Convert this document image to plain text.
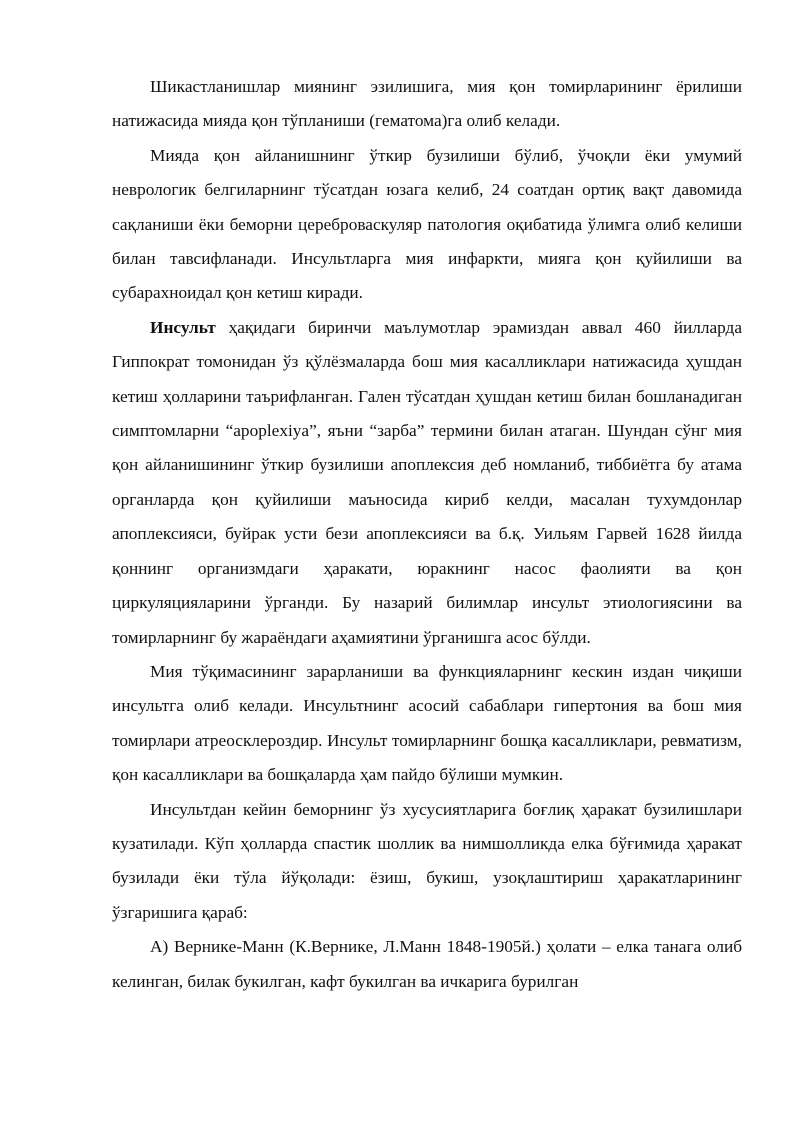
Шикастланишлар миянинг эзилишига, мия қон томирларининг ёрилиши натижасида мияда қон тўпланиши (гематома)га олиб келади.

Мияда қон айланишнинг ўткир бузилиши бўлиб, ўчоқли ёки умумий неврологик белгиларнинг тўсатдан юзага келиб, 24 соатдан ортиқ вақт давомида сақланиши ёки беморни цереброваскуляр патология оқибатида ўлимга олиб келиши билан тавсифланади. Инсультларга мия инфаркти, мияга қон қуйилиши ва субарахноидал қон кетиш киради.

Инсульт ҳақидаги биринчи маълумотлар эрамиздан аввал 460 йилларда Гиппократ томонидан ўз қўлёзмаларда бош мия касалликлари натижасида ҳушдан кетиш ҳолларини таърифланган. Гален тўсатдан ҳушдан кетиш билан бошланадиган симптомларни “apoplexiya”, яъни “зарба” термини билан атаган. Шундан сўнг мия қон айланишининг ўткир бузилиши апоплексия деб номланиб, тиббиётга бу атама органларда қон қуйилиши маъносида кириб келди, масалан тухумдонлар апоплексияси, буйрак усти бези апоплексияси ва б.қ. Уильям Гарвей 1628 йилда қоннинг организмдаги ҳаракати, юракнинг насос фаолияти ва қон циркуляцияларини ўрганди. Бу назарий билимлар инсульт этиологиясини ва томирларнинг бу жараёндаги аҳамиятини ўрганишга асос бўлди.

Мия тўқимасининг зарарланиши ва функцияларнинг кескин издан чиқиши инсультга олиб келади. Инсультнинг асосий сабаблари гипертония ва бош мия томирлари атреосклероздир. Инсульт томирларнинг бошқа касалликлари, ревматизм, қон касалликлари ва бошқаларда ҳам пайдо бўлиши мумкин.

Инсультдан кейин беморнинг ўз хусусиятларига боғлиқ ҳаракат бузилишлари кузатилади. Кўп ҳолларда спастик шоллик ва нимшолликда елка бўғимида ҳаракат бузилади ёки тўла йўқолади: ёзиш, букиш, узоқлаштириш ҳаракатларининг ўзгаришига қараб:

А) Верникe-Манн (К.Верникe, Л.Манн 1848-1905й.) ҳолати – елка танага олиб келинган, билак букилган, кафт букилган ва ичкарига бурилган
